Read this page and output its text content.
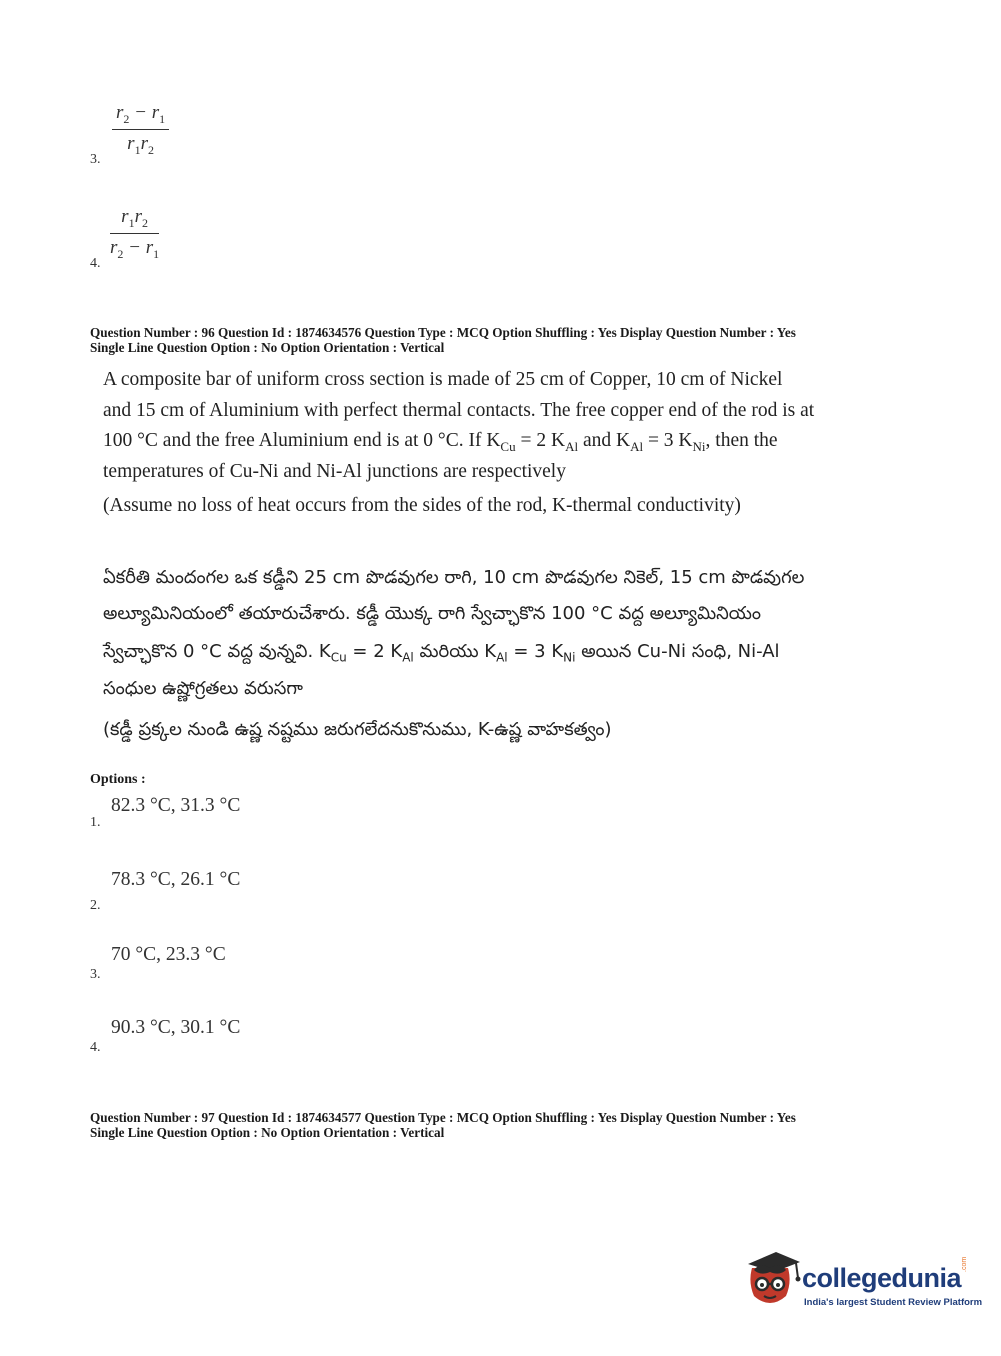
$\frac{r_2 - r_1}{r_1r_2}$
3.
$\frac{r_1r_2}{r_2 - r_1}$
4.
Question Number : 96 Question Id : 1874634576 Question Type : MCQ Option Shuffling : Yes Display Question Number : Yes
Single Line Question Option : No Option Orientation : Vertical
A composite bar of uniform cross section is made of 25 cm of Copper, 10 cm of Nickel
and 15 cm of Aluminium with perfect thermal contacts. The free copper end of the rod is at
100 °C and the free Aluminium end is at 0 °C. If $K_{Cu} = 2$ $K_{Al}$ and $K_{Al} = 3$ $K_{Ni}$, then the
temperatures of Cu-Ni and Ni-Al junctions are respectively
(Assume no loss of heat occurs from the sides of the rod, K-thermal conductivity)
ఏకరీతి మందంగల ఒక కడ్డీని 25 cm పొడవుగల రాగి, 10 cm పొడవుగల నికెల్, 15 cm పొడవుగల
అల్యూమినియంలో తయారుచేశారు. కడ్డీ యొక్క రాగి స్వేచ్ఛాకొన 100 °C వద్ద అల్యూమినియం
స్వేచ్ఛాకొన 0 °C వద్ద వున్నవి. $K_{Cu} = 2$ $K_{Al}$ మరియు $K_{Al} = 3$ $K_{Ni}$ అయిన Cu-Ni సంధి, Ni-Al
సంధుల ఉష్ణోగ్రతలు వరుసగా
(కడ్డీ ప్రక్కల నుండి ఉష్ణ నష్టము జరుగలేదనుకొనుము, K-ఉష్ణ వాహకత్వం)
Options :
82.3 °C, 31.3 °C
1.
78.3 °C, 26.1 °C
2.
70 °C, 23.3 °C
3.
90.3 °C, 30.1 °C
4.
Question Number : 97 Question Id : 1874634577 Question Type : MCQ Option Shuffling : Yes Display Question Number : Yes
Single Line Question Option : No Option Orientation : Vertical
collegedunia .com
India's largest Student Review Platform
